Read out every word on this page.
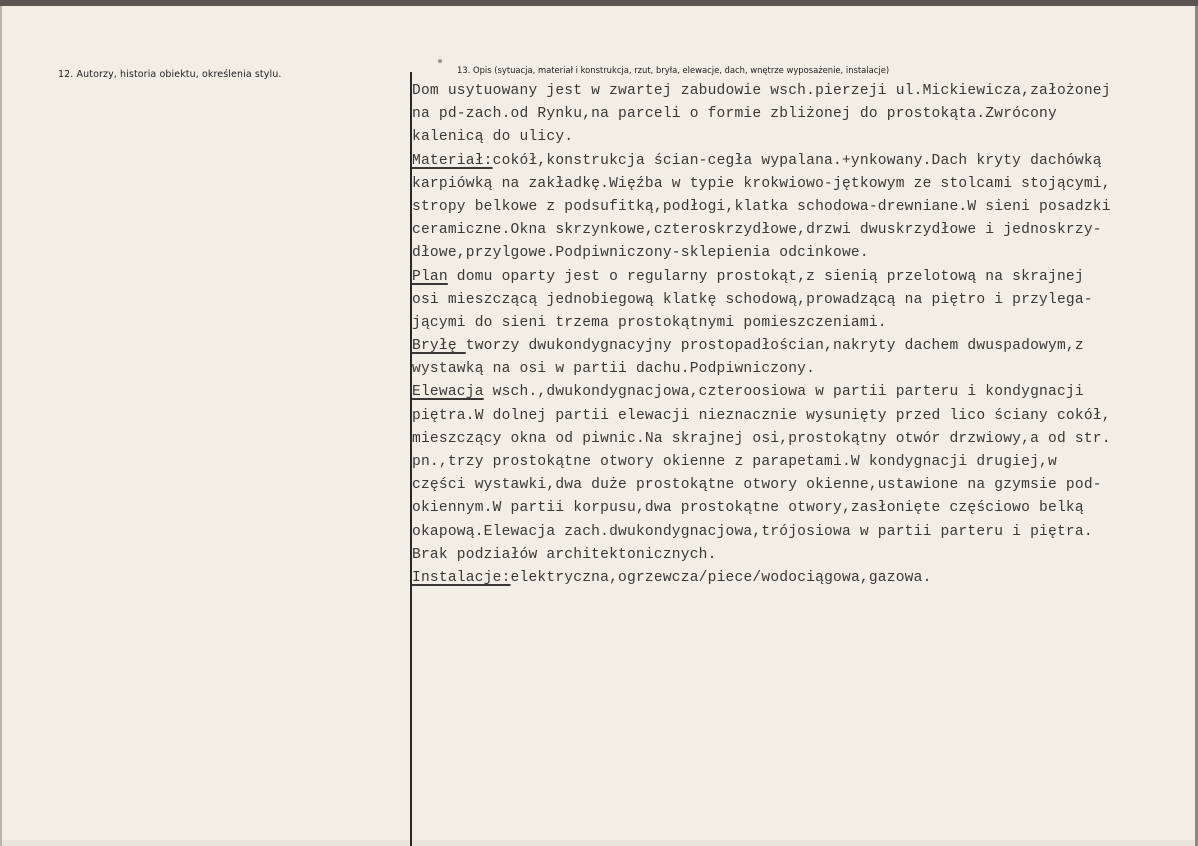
12. Autorzy, historia obiektu, określenia stylu.	13. Opis (sytuacja, materiał i konstrukcja, rzut, bryła, elewacje, dach, wnętrze wyposażenie, instalacje)
Dom usytuowany jest w zwartej zabudowie wsch.pierzeji ul.Mickiewicza,założonej
na pd-zach.od Rynku,na parceli o formie zbliżonej do prostokąta.Zwrócony
kalenicą do ulicy.
Materiał:cokół,konstrukcja ścian-cegła wypalana.+ynkowany.Dach kryty dachówką
karpiówką na zakładkę.Więźba w typie krokwiowo-jętkowym ze stolcami stojącymi,
stropy belkowe z podsufitką,podłogi,klatka schodowa-drewniane.W sieni posadzki
ceramiczne.Okna skrzynkowe,czteroskrzydłowe,drzwi dwuskrzydłowe i jednoskrzy-
dłowe,przylgowe.Podpiwniczony-sklepienia odcinkowe.
Plan domu oparty jest o regularny prostokąt,z sienią przelotową na skrajnej
osi mieszczącą jednobiegową klatkę schodową,prowadzącą na piętro i przylega-
jącymi do sieni trzema prostokątnymi pomieszczeniami.
Bryłę tworzy dwukondygnacyjny prostopadłościan,nakryty dachem dwuspadowym,z
wystawką na osi w partii dachu.Podpiwniczony.
Elewacja wsch.,dwukondygnacjowa,czteroosiowa w partii parteru i kondygnacji
piętra.W dolnej partii elewacji nieznacznie wysunięty przed lico ściany cokół,
mieszczący okna od piwnic.Na skrajnej osi,prostokątny otwór drzwiowy,a od str.
pn.,trzy prostokątne otwory okienne z parapetami.W kondygnacji drugiej,w
części wystawki,dwa duże prostokątne otwory okienne,ustawione na gzymsie pod-
okiennym.W partii korpusu,dwa prostokątne otwory,zasłonięte częściowo belką
okapową.Elewacja zach.dwukondygnacjowa,trójosiowa w partii parteru i piętra.
Brak podziałów architektonicznych.
Instalacje:elektryczna,ogrzewcza/piece/wodociągowa,gazowa.
